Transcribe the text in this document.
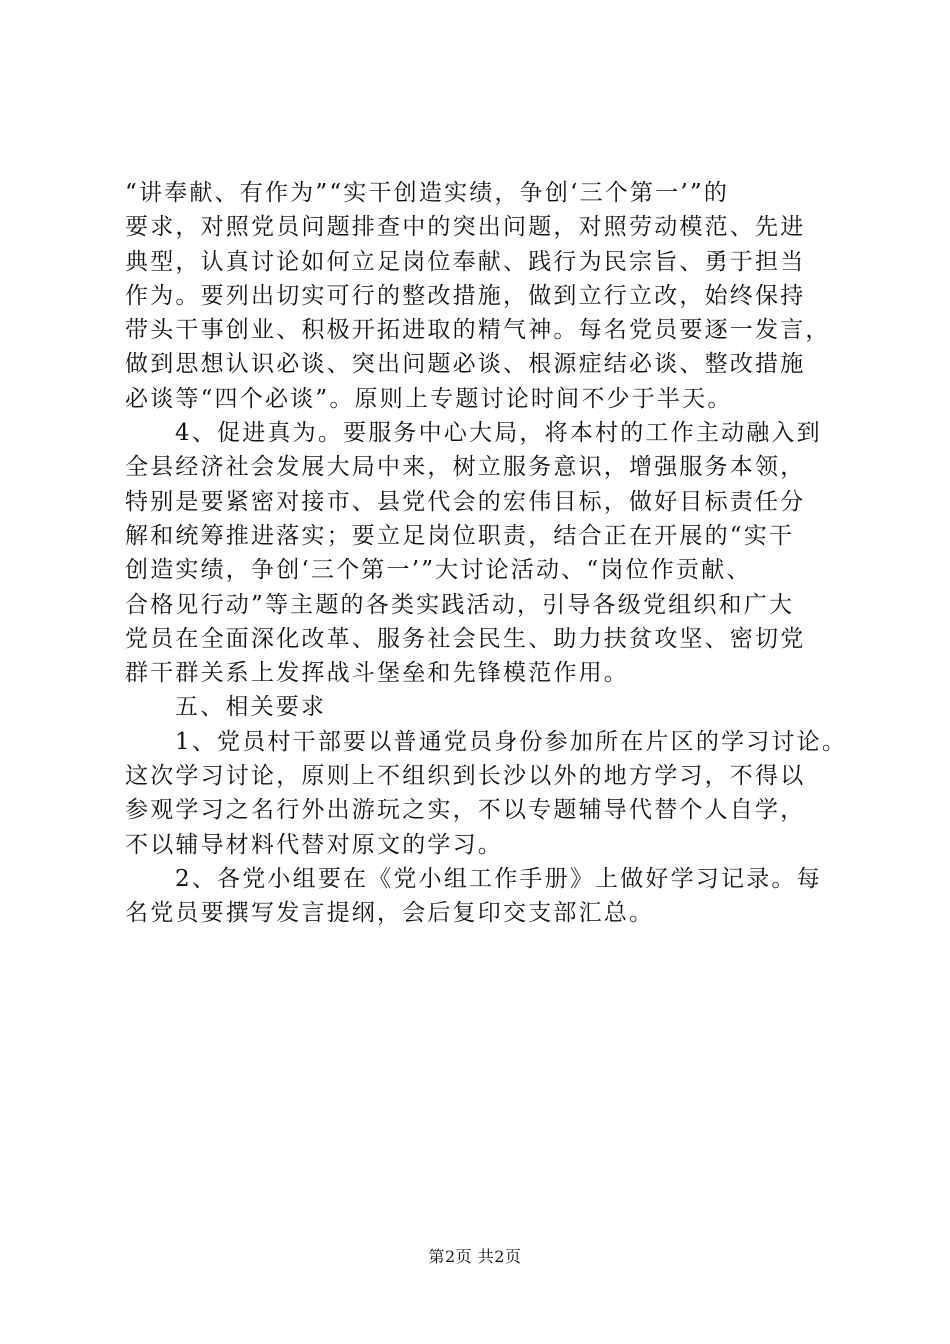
“讲奉献、有作为”“实干创造实绩，争创‘三个第一’”的
要求，对照党员问题排查中的突出问题，对照劳动模范、先进
典型，认真讨论如何立足岗位奉献、践行为民宗旨、勇于担当
作为。要列出切实可行的整改措施，做到立行立改，始终保持
带头干事创业、积极开拓进取的精气神。每名党员要逐一发言，
做到思想认识必谈、突出问题必谈、根源症结必谈、整改措施
必谈等“四个必谈”。原则上专题讨论时间不少于半天。
4、促进真为。要服务中心大局，将本村的工作主动融入到
全县经济社会发展大局中来，树立服务意识，增强服务本领，
特别是要紧密对接市、县党代会的宏伟目标，做好目标责任分
解和统筹推进落实；要立足岗位职责，结合正在开展的“实干
创造实绩，争创‘三个第一’”大讨论活动、“岗位作贡献、
合格见行动”等主题的各类实践活动，引导各级党组织和广大
党员在全面深化改革、服务社会民生、助力扶贫攻坚、密切党
群干群关系上发挥战斗堡垒和先锋模范作用。
五、相关要求
1、党员村干部要以普通党员身份参加所在片区的学习讨论。
这次学习讨论，原则上不组织到长沙以外的地方学习，不得以
参观学习之名行外出游玩之实，不以专题辅导代替个人自学，
不以辅导材料代替对原文的学习。
2、各党小组要在《党小组工作手册》上做好学习记录。每
名党员要撰写发言提纲，会后复印交支部汇总。
第2页 共2页
